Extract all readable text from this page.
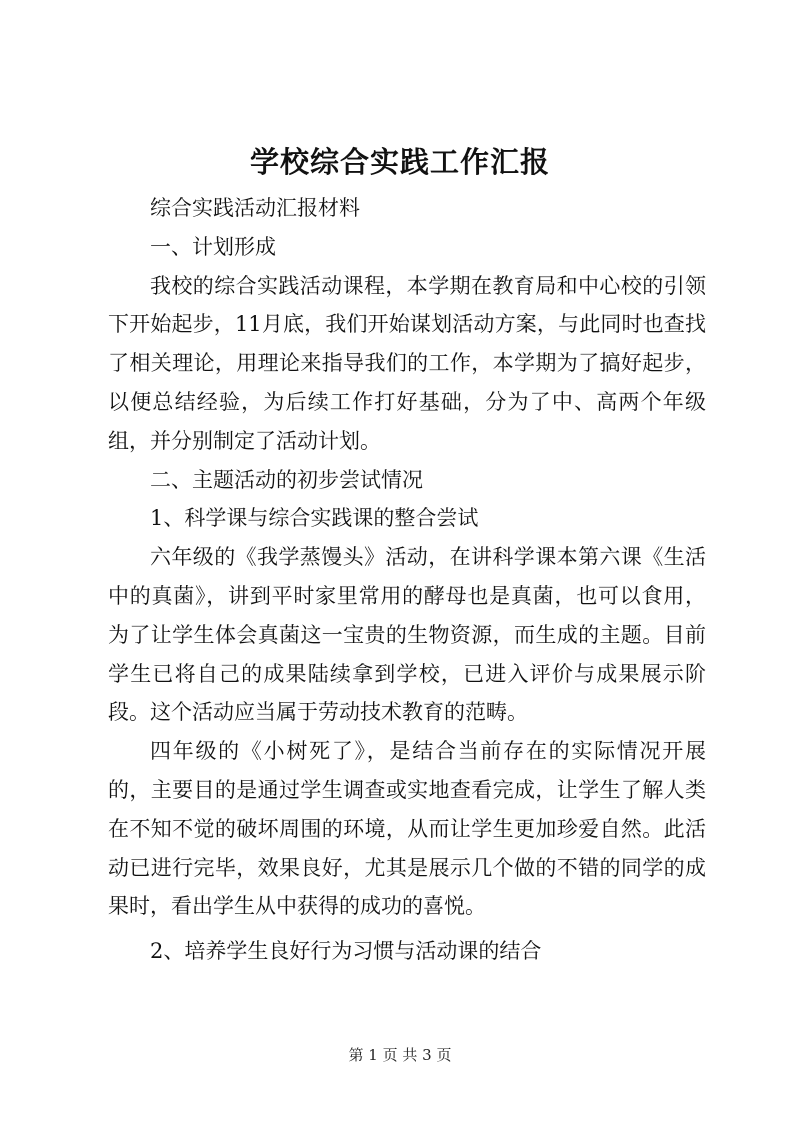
学校综合实践工作汇报

综合实践活动汇报材料

一、计划形成

我校的综合实践活动课程，本学期在教育局和中心校的引领下开始起步，11月底，我们开始谋划活动方案，与此同时也查找了相关理论，用理论来指导我们的工作，本学期为了搞好起步，以便总结经验，为后续工作打好基础，分为了中、高两个年级组，并分别制定了活动计划。

二、主题活动的初步尝试情况

1、科学课与综合实践课的整合尝试

六年级的《我学蒸馒头》活动，在讲科学课本第六课《生活中的真菌》，讲到平时家里常用的酵母也是真菌，也可以食用，为了让学生体会真菌这一宝贵的生物资源，而生成的主题。目前学生已将自己的成果陆续拿到学校，已进入评价与成果展示阶段。这个活动应当属于劳动技术教育的范畴。

四年级的《小树死了》，是结合当前存在的实际情况开展的，主要目的是通过学生调查或实地查看完成，让学生了解人类在不知不觉的破坏周围的环境，从而让学生更加珍爱自然。此活动已进行完毕，效果良好，尤其是展示几个做的不错的同学的成果时，看出学生从中获得的成功的喜悦。

2、培养学生良好行为习惯与活动课的结合

第 1 页 共 3 页
